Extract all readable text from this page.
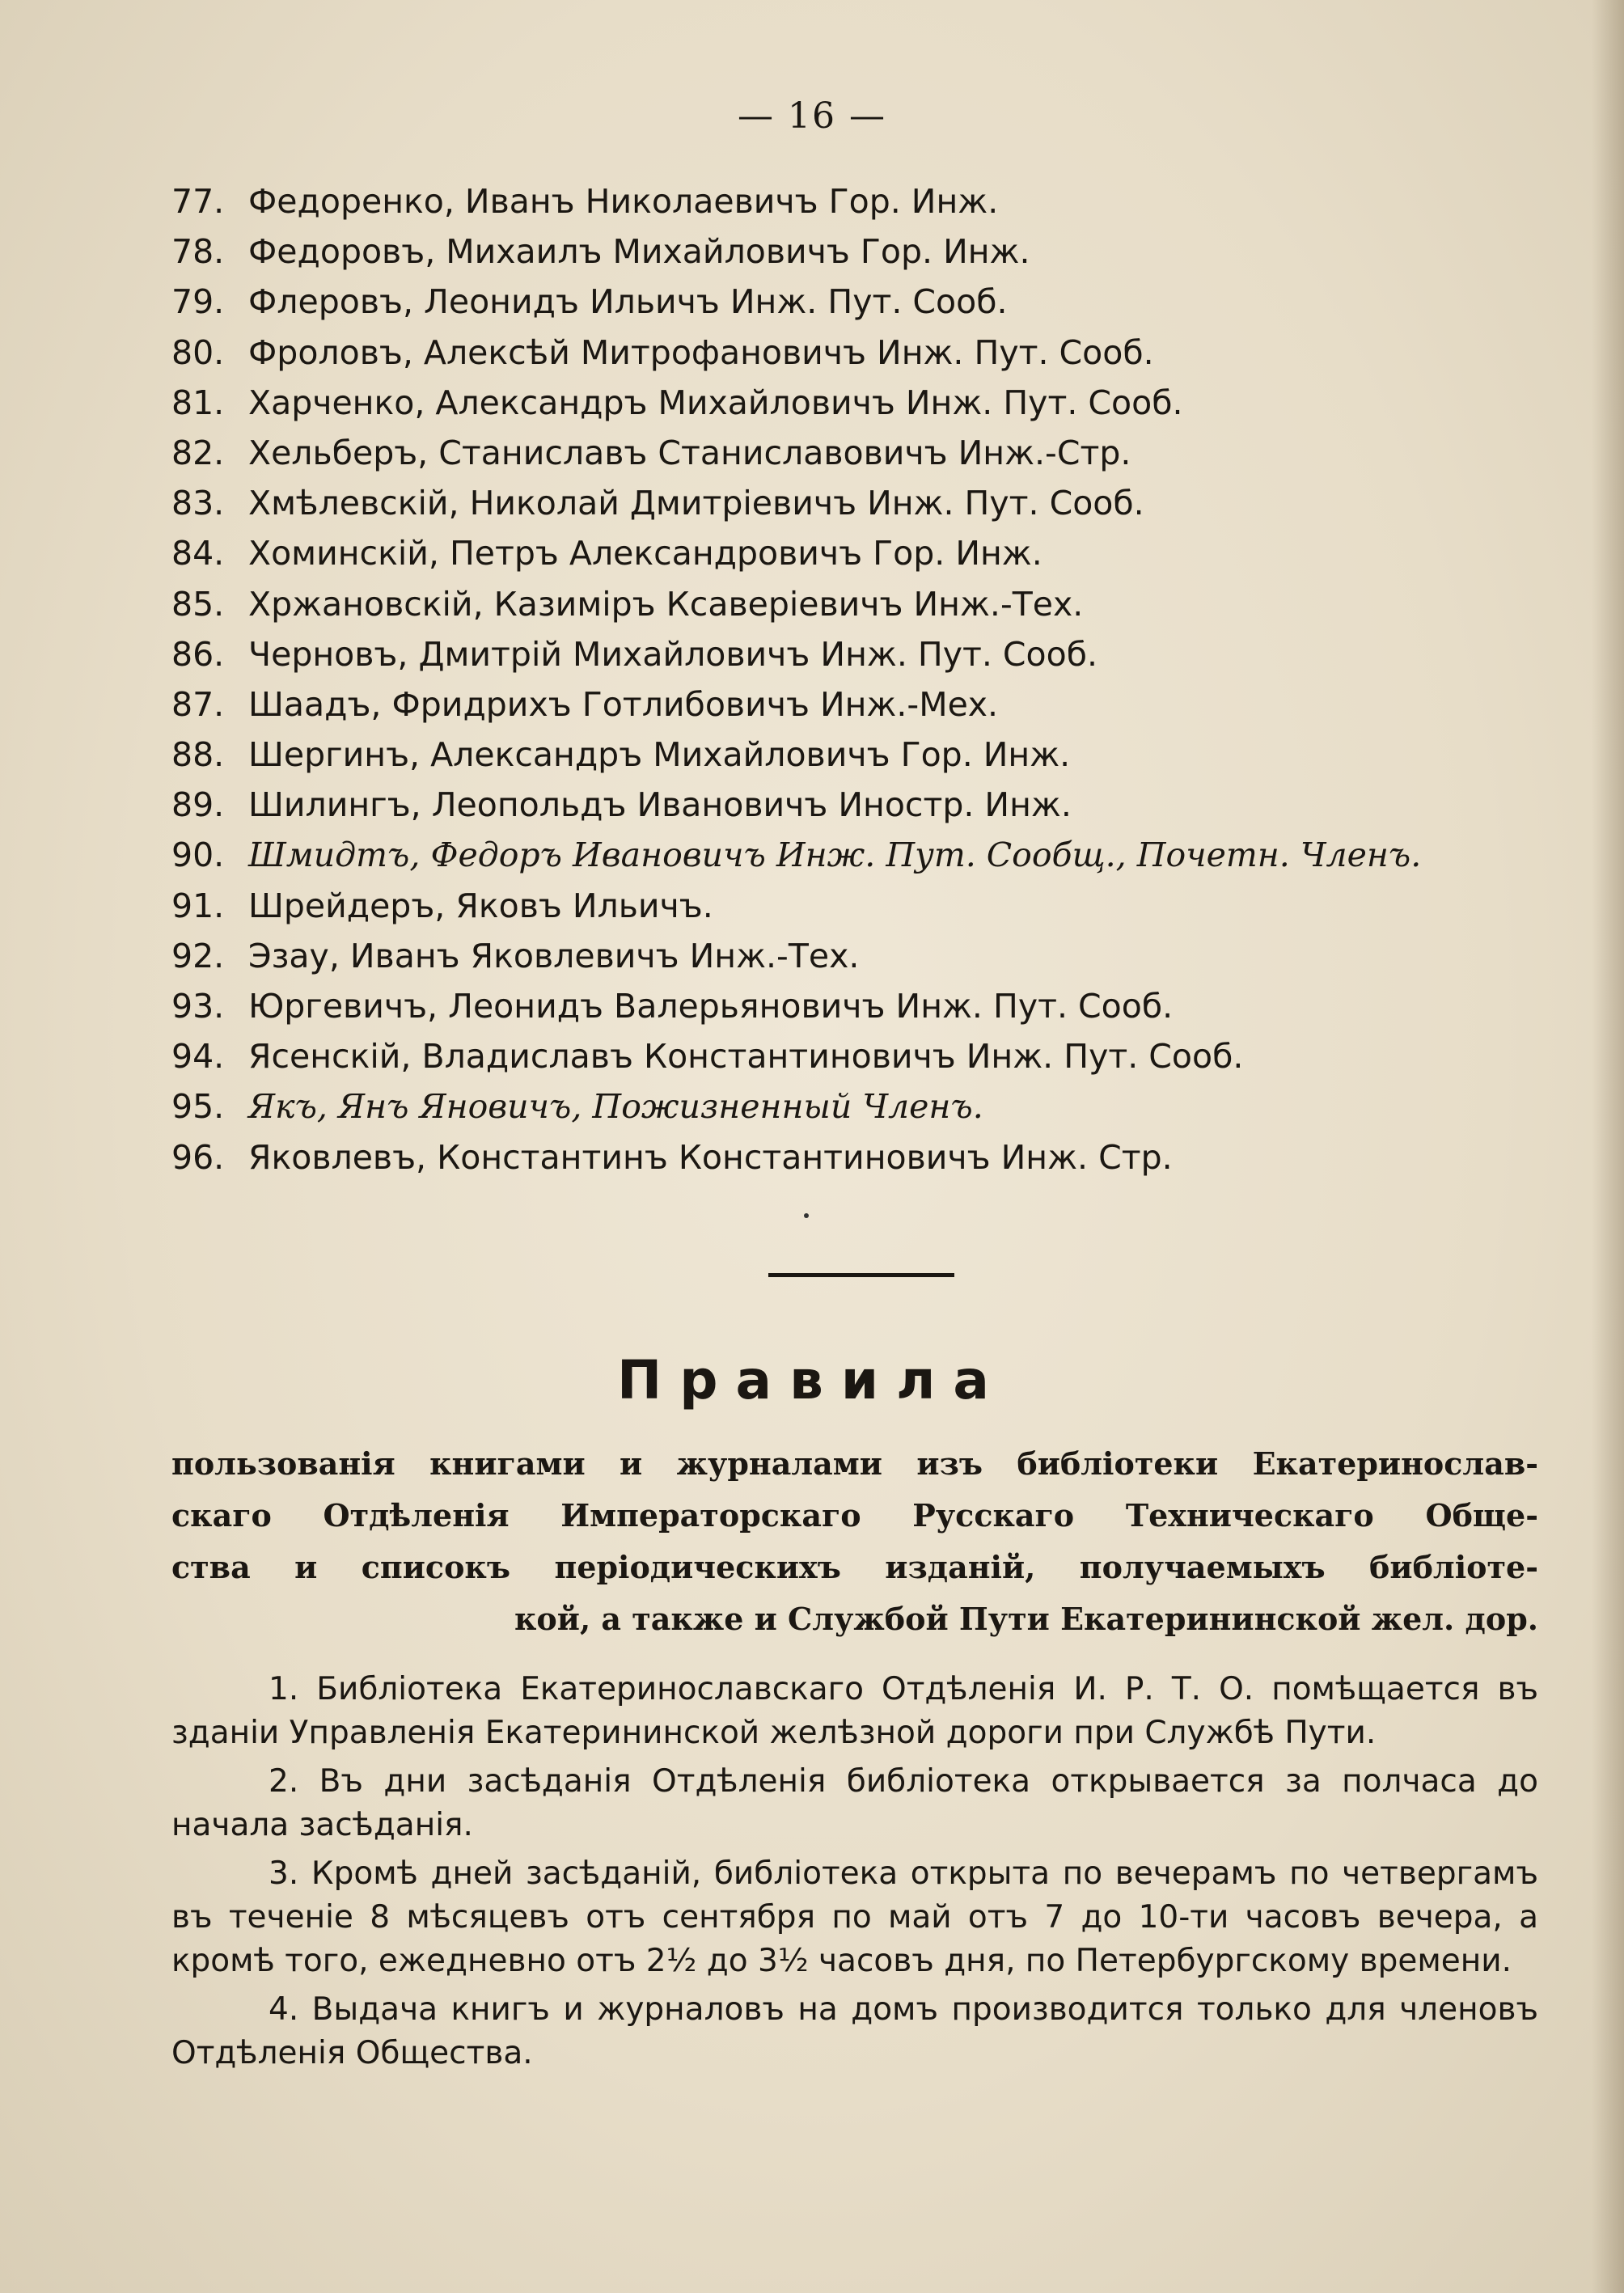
— 16 —
77. Федоренко, Иванъ Николаевичъ Гор. Инж.
78. Федоровъ, Михаилъ Михайловичъ Гор. Инж.
79. Флеровъ, Леонидъ Ильичъ Инж. Пут. Сооб.
80. Фроловъ, Алексѣй Митрофановичъ Инж. Пут. Сооб.
81. Харченко, Александръ Михайловичъ Инж. Пут. Сооб.
82. Хельберъ, Станиславъ Станиславовичъ Инж.-Стр.
83. Хмѣлевскій, Николай Дмитріевичъ Инж. Пут. Сооб.
84. Хоминскій, Петръ Александровичъ Гор. Инж.
85. Хржановскій, Казиміръ Ксаверіевичъ Инж.-Тех.
86. Черновъ, Дмитрій Михайловичъ Инж. Пут. Сооб.
87. Шаадъ, Фридрихъ Готлибовичъ Инж.-Мех.
88. Шергинъ, Александръ Михайловичъ Гор. Инж.
89. Шилингъ, Леопольдъ Ивановичъ Иностр. Инж.
90. Шмидтъ, Федоръ Ивановичъ Инж. Пут. Сообщ., Почетн. Членъ.
91. Шрейдеръ, Яковъ Ильичъ.
92. Эзау, Иванъ Яковлевичъ Инж.-Тех.
93. Юргевичъ, Леонидъ Валерьяновичъ Инж. Пут. Сооб.
94. Ясенскій, Владиславъ Константиновичъ Инж. Пут. Сооб.
95. Якъ, Янъ Яновичъ, Пожизненный Членъ.
96. Яковлевъ, Константинъ Константиновичъ Инж. Стр.
Правила
пользованія книгами и журналами изъ библіотеки Екатеринослав-
скаго Отдѣленія Императорскаго Русскаго Техническаго Обще-
ства и списокъ періодическихъ изданій, получаемыхъ библіоте-
кой, а также и Службой Пути Екатерининской жел. дор.

1. Библіотека Екатеринославскаго Отдѣленія И. Р. Т. О. помѣщается въ зданіи Управленія Екатерининской желѣзной дороги при Службѣ Пути.

2. Въ дни засѣданія Отдѣленія библіотека открывается за полчаса до начала засѣданія.

3. Кромѣ дней засѣданій, библіотека открыта по вечерамъ по четвергамъ въ теченіе 8 мѣсяцевъ отъ сентября по май отъ 7 до 10-ти часовъ вечера, а кромѣ того, ежедневно отъ 2½ до 3½ часовъ дня, по Петербургскому времени.

4. Выдача книгъ и журналовъ на домъ производится только для членовъ Отдѣленія Общества.
